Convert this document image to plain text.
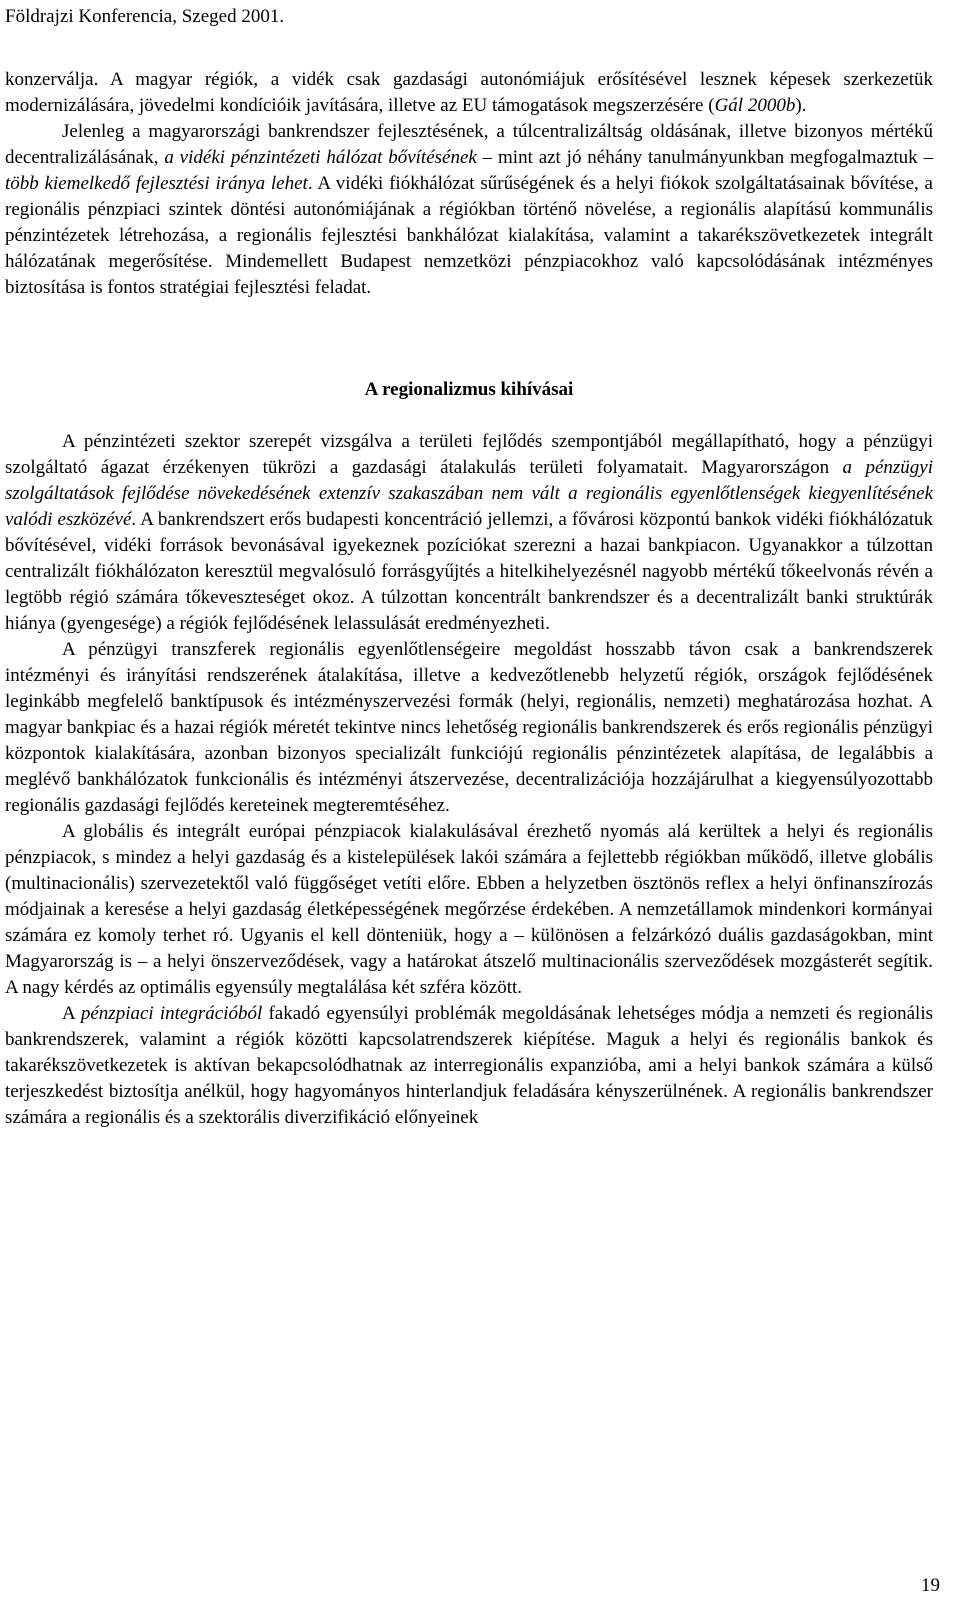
Földrajzi Konferencia, Szeged 2001.

konzerválja. A magyar régiók, a vidék csak gazdasági autonómiájuk erősítésével lesznek képesek szerkezetük modernizálására, jövedelmi kondícióik javítására, illetve az EU támogatások megszerzésére (Gál 2000b).

Jelenleg a magyarországi bankrendszer fejlesztésének, a túlcentralizáltság oldásának, illetve bizonyos mértékű decentralizálásának, a vidéki pénzintézeti hálózat bővítésének – mint azt jó néhány tanulmányunkban megfogalmaztuk – több kiemelkedő fejlesztési iránya lehet. A vidéki fiókhálózat sűrűségének és a helyi fiókok szolgáltatásainak bővítése, a regionális pénzpiaci szintek döntési autonómiájának a régiókban történő növelése, a regionális alapítású kommunális pénzintézetek létrehozása, a regionális fejlesztési bankhálózat kialakítása, valamint a takarékszövetkezetek integrált hálózatának megerősítése. Mindemellett Budapest nemzetközi pénzpiacokhoz való kapcsolódásának intézményes biztosítása is fontos stratégiai fejlesztési feladat.

A regionalizmus kihívásai

A pénzintézeti szektor szerepét vizsgálva a területi fejlődés szempontjából megállapítható, hogy a pénzügyi szolgáltató ágazat érzékenyen tükrözi a gazdasági átalakulás területi folyamatait. Magyarországon a pénzügyi szolgáltatások fejlődése növekedésének extenzív szakaszában nem vált a regionális egyenlőtlenségek kiegyenlítésének valódi eszközévé. A bankrendszert erős budapesti koncentráció jellemzi, a fővárosi központú bankok vidéki fiókhálózatuk bővítésével, vidéki források bevonásával igyekeznek pozíciókat szerezni a hazai bankpiacon. Ugyanakkor a túlzottan centralizált fiókhálózaton keresztül megvalósuló forrásgyűjtés a hitelkihelyezésnél nagyobb mértékű tőkeelvonás révén a legtöbb régió számára tőkeveszteséget okoz. A túlzottan koncentrált bankrendszer és a decentralizált banki struktúrák hiánya (gyengesége) a régiók fejlődésének lelassulását eredményezheti.

A pénzügyi transzferek regionális egyenlőtlenségeire megoldást hosszabb távon csak a bankrendszerek intézményi és irányítási rendszerének átalakítása, illetve a kedvezőtlenebb helyzetű régiók, országok fejlődésének leginkább megfelelő banktípusok és intézményszervezési formák (helyi, regionális, nemzeti) meghatározása hozhat. A magyar bankpiac és a hazai régiók méretét tekintve nincs lehetőség regionális bankrendszerek és erős regionális pénzügyi központok kialakítására, azonban bizonyos specializált funkciójú regionális pénzintézetek alapítása, de legalábbis a meglévő bankhálózatok funkcionális és intézményi átszervezése, decentralizációja hozzájárulhat a kiegyensúlyozottabb regionális gazdasági fejlődés kereteinek megteremtéséhez.

A globális és integrált európai pénzpiacok kialakulásával érezhető nyomás alá kerültek a helyi és regionális pénzpiacok, s mindez a helyi gazdaság és a kistelepülések lakói számára a fejlettebb régiókban működő, illetve globális (multinacionális) szervezetektől való függőséget vetíti előre. Ebben a helyzetben ösztönös reflex a helyi önfinanszírozás módjainak a keresése a helyi gazdaság életképességének megőrzése érdekében. A nemzetállamok mindenkori kormányai számára ez komoly terhet ró. Ugyanis el kell dönteniük, hogy a – különösen a felzárkózó duális gazdaságokban, mint Magyarország is – a helyi önszerveződések, vagy a határokat átszelő multinacionális szerveződések mozgásterét segítik. A nagy kérdés az optimális egyensúly megtalálása két szféra között.

A pénzpiaci integrációból fakadó egyensúlyi problémák megoldásának lehetséges módja a nemzeti és regionális bankrendszerek, valamint a régiók közötti kapcsolatrendszerek kiépítése. Maguk a helyi és regionális bankok és takarékszövetkezetek is aktívan bekapcsolódhatnak az interregionális expanzióba, ami a helyi bankok számára a külső terjeszkedést biztosítja anélkül, hogy hagyományos hinterlandjuk feladására kényszerülnének. A regionális bankrendszer számára a regionális és a szektorális diverzifikáció előnyeinek

19
